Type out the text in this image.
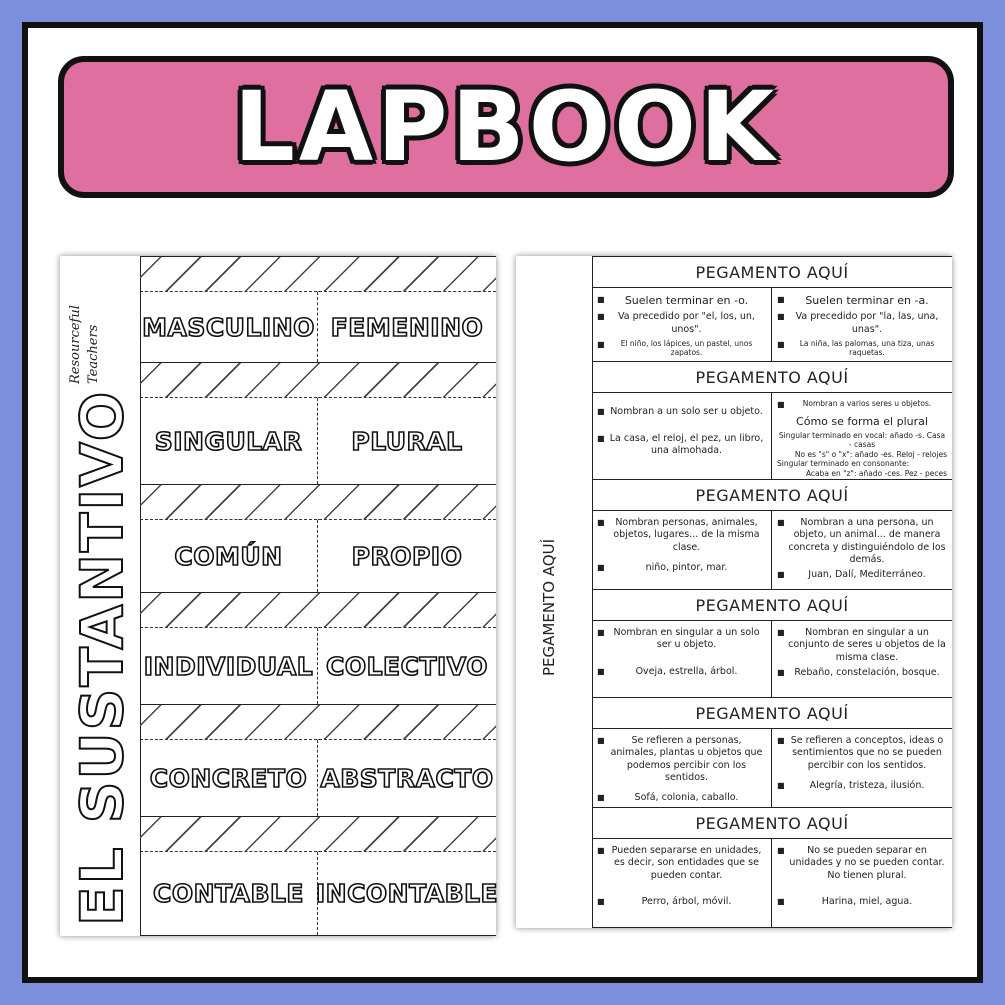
LAPBOOK
Resourceful Teachers
EL SUSTANTIVO
MASCULINO FEMENINO
SINGULAR PLURAL
COMÚN	PROPIO
INDIVIDUAL COLECTIVO
CONCRETO ABSTRACTO
CONTABLE INCONTABLE
PEGAMENTO AQUÍ
PEGAMENTO AQUÍ
■	Suelen terminar en -o.
■	Va precedido por "el, los, un, unos".
■	El niño, los lápices, un pastel, unos zapatos.
■	Suelen terminar en -a.
■	Va precedido por "la, las, una, unas".
■	La niña, las palomas, una tiza, unas raquetas.
PEGAMENTO AQUÍ
■ Nombran a un solo ser u objeto.
■ La casa, el reloj, el pez, un libro, una almohada.
■	Nombran a varios seres u objetos.
Cómo se forma el plural
Singular terminado en vocal: añado -s. Casa - casas
No es "s" o "x": añado -es. Reloj - relojes
Singular terminado en consonante:
Acaba en "z": añado -ces. Pez - peces
PEGAMENTO AQUÍ
■	Nombran personas, animales, objetos, lugares... de la misma clase.
■	niño, pintor, mar.
■	Nombran a una persona, un objeto, un animal... de manera concreta y distinguiéndolo de los demás.
■	Juan, Dalí, Mediterráneo.
PEGAMENTO AQUÍ
■ Nombran en singular a un solo ser u objeto.
■	Oveja, estrella, árbol.
■	Nombran en singular a un conjunto de seres u objetos de la misma clase.
■	Rebaño, constelación, bosque.
PEGAMENTO AQUÍ
■	Se refieren a personas, animales, plantas u objetos que podemos percibir con los sentidos.
■	Sofá, colonia, caballo.
■ Se refieren a conceptos, ideas o sentimientos que no se pueden percibir con los sentidos.
■	Alegría, tristeza, ilusión.
PEGAMENTO AQUÍ
■ Pueden separarse en unidades, es decir, son entidades que se pueden contar.
■	Perro, árbol, móvil.
■	No se pueden separar en unidades y no se pueden contar. No tienen plural.
■	Harina, miel, agua.
